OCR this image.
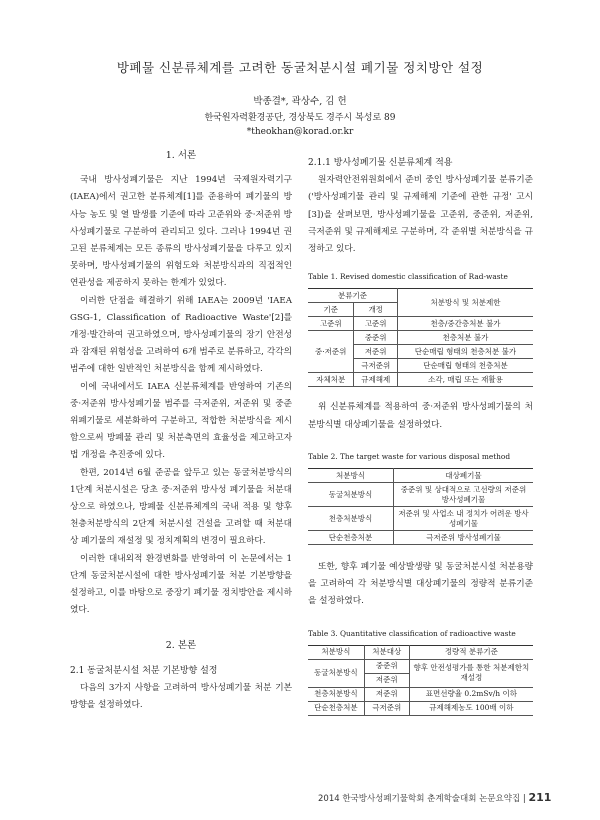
방폐물 신분류체계를 고려한 동굴처분시설 폐기물 정치방안 설정
박종결*, 곽상수, 김 헌
한국원자력환경공단, 경상북도 경주시 복성로 89
*theokhan@korad.or.kr
1. 서론

국내 방사성폐기물은 지난 1994년 국제원자력기구(IAEA)에서 권고한 분류체계[1]를 준용하여 폐기물의 방사능 농도 및 열 발생률 기준에 따라 고준위와 중·저준위 방사성폐기물로 구분하여 관리되고 있다. 그러나 1994년 권고된 분류체계는 모든 종류의 방사성폐기물을 다루고 있지 못하며, 방사성폐기물의 위험도와 처분방식과의 직접적인 연관성을 제공하지 못하는 한계가 있었다.

이러한 단점을 해결하기 위해 IAEA는 2009년 'IAEA GSG-1, Classification of Radioactive Waste'[2]를 개정·발간하여 권고하였으며, 방사성폐기물의 장기 안전성과 잠재된 위험성을 고려하여 6개 범주로 분류하고, 각각의 범주에 대한 일반적인 처분방식을 함께 제시하였다.

이에 국내에서도 IAEA 신분류체계를 반영하여 기존의 중·저준위 방사성폐기물 범주를 극저준위, 저준위 및 중준위폐기물로 세분화하여 구분하고, 적합한 처분방식을 제시함으로써 방폐물 관리 및 처분측면의 효율성을 제고하고자 법 개정을 추진중에 있다.

한편, 2014년 6월 준공을 앞두고 있는 동굴처분방식의 1단계 처분시설은 당초 중·저준위 방사성 폐기물을 처분대상으로 하였으나, 방폐물 신분류체계의 국내 적용 및 향후 천층처분방식의 2단계 처분시설 건설을 고려할 때 처분대상 폐기물의 재설정 및 정치계획의 변경이 필요하다.

이러한 대내외적 환경변화를 반영하여 이 논문에서는 1단계 동굴처분시설에 대한 방사성폐기물 처분 기본방향을 설정하고, 이를 바탕으로 중장기 폐기물 정치방안을 제시하였다.

2. 본론
2.1 동굴처분시설 처분 기본방향 설정

다음의 3가지 사항을 고려하여 방사성폐기물 처분 기본방향을 설정하였다.

2.1.1 방사성폐기물 신분류체계 적용

원자력안전위원회에서 준비 중인 방사성폐기물 분류기준('방사성폐기물 관리 및 규제해제 기준에 관한 규정' 고시[3])을 살펴보면, 방사성폐기물을 고준위, 중준위, 저준위, 극저준위 및 규제해제로 구분하며, 각 준위별 처분방식을 규정하고 있다.

Table 1. Revised domestic classification of Rad-waste
분류기준		처분방식 및 처분제한
기준	개정	
고준위	고준위	천층/중간층처분 불가
중·저준위	중준위	천층처분 불가
	저준위	단순매립 형태의 천층처분 불가
	극저준위	단순매립 형태의 천층처분
자체처분	규제해제	소각, 매립 또는 재활용

위 신분류체계를 적용하여 중·저준위 방사성폐기물의 처분방식별 대상폐기물을 설정하였다.

Table 2. The target waste for various disposal method
처분방식	대상폐기물
동굴처분방식	중준위 및 상대적으로 고선량의 저준위 방사성폐기물
천층처분방식	저준위 및 사업소 내 정치가 어려운 방사성폐기물
단순천층처분	극저준위 방사성폐기물

또한, 향후 폐기물 예상발생량 및 동굴처분시설 처분용량을 고려하여 각 처분방식별 대상폐기물의 정량적 분류기준을 설정하였다.

Table 3. Quantitative classification of radioactive waste
처분방식	처분대상	정량적 분류기준
동굴처분방식	중준위	향후 안전성평가를 통한 처분제한치 재설정
	저준위	
천층처분방식	저준위	표면선량율 0.2mSv/h 이하
단순천층처분	극저준위	규제해제농도 100배 이하
2014 한국방사성폐기물학회 춘계학술대회 논문요약집 | 211
